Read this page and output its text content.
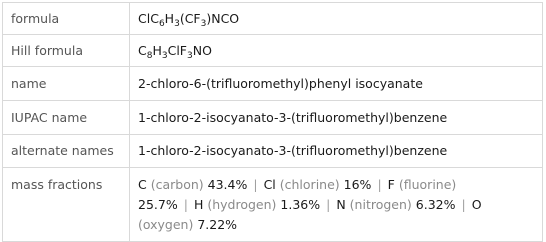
formula	$ClC_6H_3(CF_3)NCO$
Hill formula	$C_8H_3ClF_3NO$
name	2-chloro-6-(trifluoromethyl)phenyl isocyanate
IUPAC name	1-chloro-2-isocyanato-3-(trifluoromethyl)benzene
alternate names	1-chloro-2-isocyanato-3-(trifluoromethyl)benzene
mass fractions	C (carbon) 43.4% | Cl (chlorine) 16% | F (fluorine)
25.7% | H (hydrogen) 1.36% | N (nitrogen) 6.32% | O
(oxygen) 7.22%
